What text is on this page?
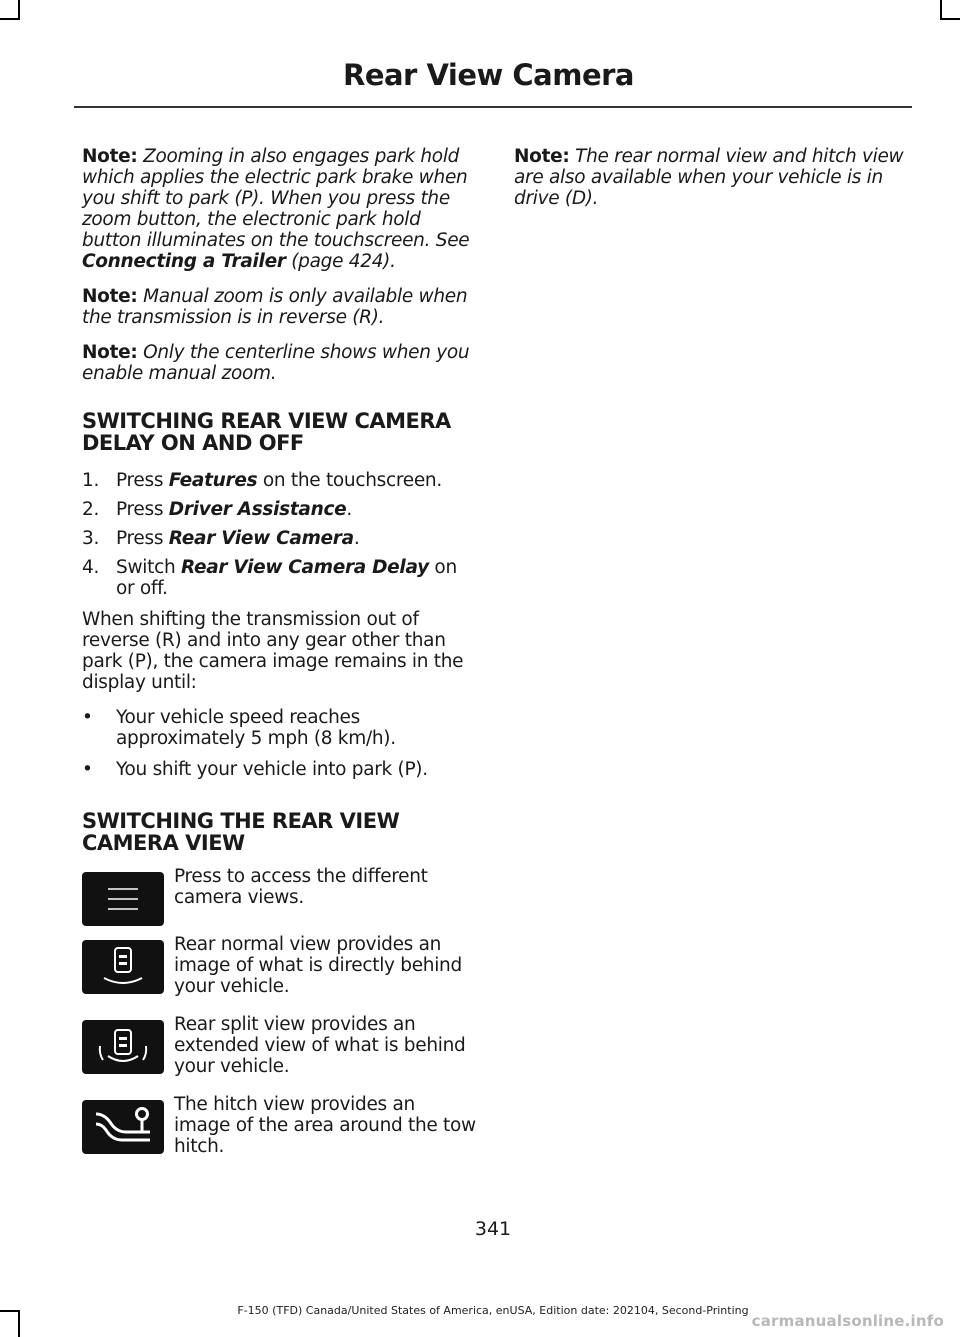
Rear View Camera

Note: Zooming in also engages park hold which applies the electric park brake when you shift to park (P). When you press the zoom button, the electronic park hold button illuminates on the touchscreen. See Connecting a Trailer (page 424).

Note: Manual zoom is only available when the transmission is in reverse (R).

Note: Only the centerline shows when you enable manual zoom.

SWITCHING REAR VIEW CAMERA DELAY ON AND OFF
1. Press Features on the touchscreen.
2. Press Driver Assistance.
3. Press Rear View Camera.
4. Switch Rear View Camera Delay on or off.

When shifting the transmission out of reverse (R) and into any gear other than park (P), the camera image remains in the display until:

• Your vehicle speed reaches approximately 5 mph (8 km/h).
• You shift your vehicle into park (P).
SWITCHING THE REAR VIEW CAMERA VIEW

Press to access the different camera views.

Rear normal view provides an image of what is directly behind your vehicle.

Rear split view provides an extended view of what is behind your vehicle.

The hitch view provides an image of the area around the tow hitch.

Note: The rear normal view and hitch view are also available when your vehicle is in drive (D).

341
F-150 (TFD) Canada/United States of America, enUSA, Edition date: 202104, Second-Printing
carmanualsonline.info
